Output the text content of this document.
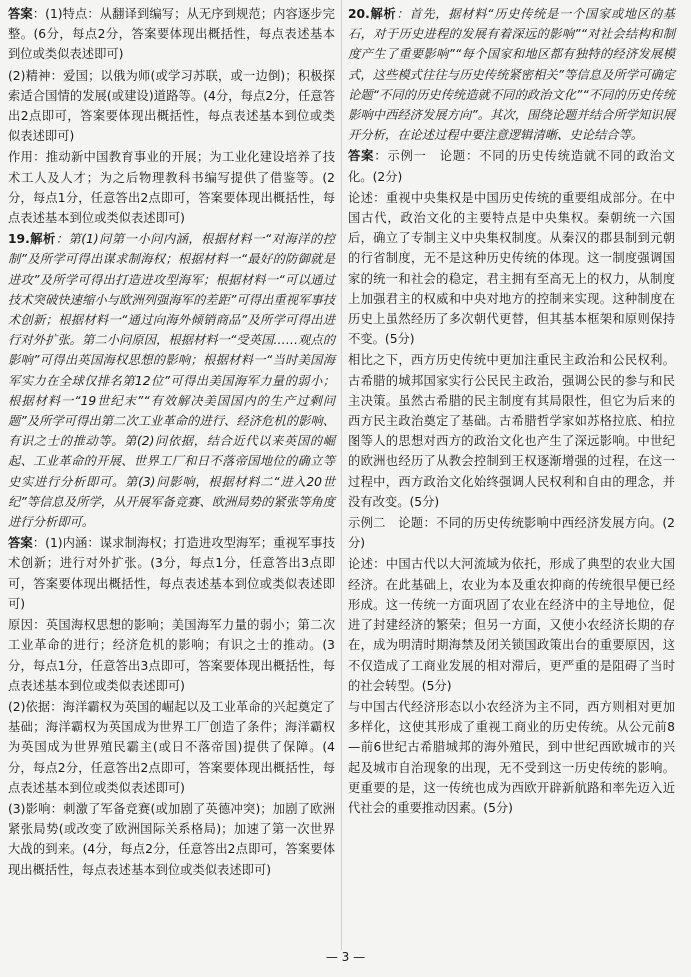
答案：(1)特点：从翻译到编写；从无序到规范；内容逐步完整。(6分，每点2分，答案要体现出概括性，每点表述基本到位或类似表述即可)

(2)精神：爱国；以俄为师(或学习苏联，或一边倒)；积极探索适合国情的发展(或建设)道路等。(4分，每点2分，任意答出2点即可，答案要体现出概括性，每点表述基本到位或类似表述即可)

作用：推动新中国教育事业的开展；为工业化建设培养了技术工人及人才；为之后物理教科书编写提供了借鉴等。(2分，每点1分，任意答出2点即可，答案要体现出概括性，每点表述基本到位或类似表述即可)

19.解析：第(1)问第一小问内涵，根据材料一“对海洋的控制”及所学可得出谋求制海权；根据材料一“最好的防御就是进攻”及所学可得出打造进攻型海军；根据材料一“可以通过技术突破快速缩小与欧洲列强海军的差距”可得出重视军事技术创新；根据材料一“通过向海外倾销商品”及所学可得出进行对外扩张。第二小问原因，根据材料一“受英国……观点的影响”可得出英国海权思想的影响；根据材料一“当时美国海军实力在全球仅排名第12位”可得出美国海军力量的弱小；根据材料一“19世纪末”“有效解决美国国内的生产过剩问题”及所学可得出第二次工业革命的进行、经济危机的影响、有识之士的推动等。第(2)问依据，结合近代以来英国的崛起、工业革命的开展、世界工厂和日不落帝国地位的确立等史实进行分析即可。第(3)问影响，根据材料二“进入20世纪”等信息及所学，从开展军备竞赛、欧洲局势的紧张等角度进行分析即可。

答案：(1)内涵：谋求制海权；打造进攻型海军；重视军事技术创新；进行对外扩张。(3分，每点1分，任意答出3点即可，答案要体现出概括性，每点表述基本到位或类似表述即可)

原因：英国海权思想的影响；美国海军力量的弱小；第二次工业革命的进行；经济危机的影响；有识之士的推动。(3分，每点1分，任意答出3点即可，答案要体现出概括性，每点表述基本到位或类似表述即可)

(2)依据：海洋霸权为英国的崛起以及工业革命的兴起奠定了基础；海洋霸权为英国成为世界工厂创造了条件；海洋霸权为英国成为世界殖民霸主(或日不落帝国)提供了保障。(4分，每点2分，任意答出2点即可，答案要体现出概括性，每点表述基本到位或类似表述即可)

(3)影响：刺激了军备竞赛(或加剧了英德冲突)；加剧了欧洲紧张局势(或改变了欧洲国际关系格局)；加速了第一次世界大战的到来。(4分，每点2分，任意答出2点即可，答案要体现出概括性，每点表述基本到位或类似表述即可)

20.解析：首先，据材料“历史传统是一个国家或地区的基石，对于历史进程的发展有着深远的影响”“对社会结构和制度产生了重要影响”“每个国家和地区都有独特的经济发展模式，这些模式往往与历史传统紧密相关”等信息及所学可确定论题“不同的历史传统造就不同的政治文化”“不同的历史传统影响中西经济发展方向”。其次，围绕论题并结合所学知识展开分析，在论述过程中要注意逻辑清晰、史论结合等。

答案：示例一　论题：不同的历史传统造就不同的政治文化。(2分)

论述：重视中央集权是中国历史传统的重要组成部分。在中国古代，政治文化的主要特点是中央集权。秦朝统一六国后，确立了专制主义中央集权制度。从秦汉的郡县制到元朝的行省制度，无不是这种历史传统的体现。这一制度强调国家的统一和社会的稳定，君主拥有至高无上的权力，从制度上加强君主的权威和中央对地方的控制来实现。这种制度在历史上虽然经历了多次朝代更替，但其基本框架和原则保持不变。(5分)

相比之下，西方历史传统中更加注重民主政治和公民权利。古希腊的城邦国家实行公民民主政治，强调公民的参与和民主决策。虽然古希腊的民主制度有其局限性，但它为后来的西方民主政治奠定了基础。古希腊哲学家如苏格拉底、柏拉图等人的思想对西方的政治文化也产生了深远影响。中世纪的欧洲也经历了从教会控制到王权逐渐增强的过程，在这一过程中，西方政治文化始终强调人民权利和自由的理念，并没有改变。(5分)

示例二　论题：不同的历史传统影响中西经济发展方向。(2分)

论述：中国古代以大河流域为依托，形成了典型的农业大国经济。在此基础上，农业为本及重农抑商的传统很早便已经形成。这一传统一方面巩固了农业在经济中的主导地位，促进了封建经济的繁荣；但另一方面，又使小农经济长期的存在，成为明清时期海禁及闭关锁国政策出台的重要原因，这不仅造成了工商业发展的相对滞后，更严重的是阻碍了当时的社会转型。(5分)

与中国古代经济形态以小农经济为主不同，西方则相对更加多样化，这使其形成了重视工商业的历史传统。从公元前8—前6世纪古希腊城邦的海外殖民，到中世纪西欧城市的兴起及城市自治现象的出现，无不受到这一历史传统的影响。更重要的是，这一传统也成为西欧开辟新航路和率先迈入近代社会的重要推动因素。(5分)

— 3 —
